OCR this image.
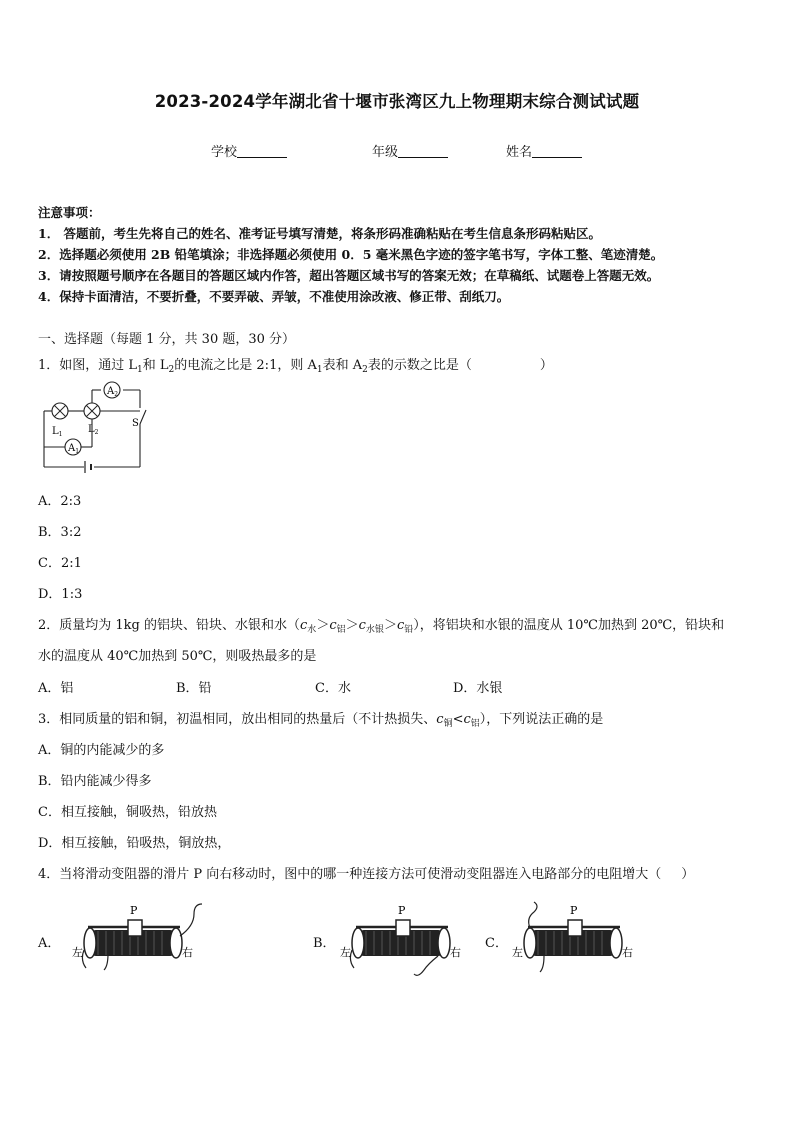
2023-2024学年湖北省十堰市张湾区九上物理期末综合测试试题
学校	年级	姓名
注意事项：
1． 答题前，考生先将自己的姓名、准考证号填写清楚，将条形码准确粘贴在考生信息条形码粘贴区。
2．选择题必须使用 2B 铅笔填涂；非选择题必须使用 0．5 毫米黑色字迹的签字笔书写，字体工整、笔迹清楚。
3．请按照题号顺序在各题目的答题区域内作答，超出答题区域书写的答案无效；在草稿纸、试题卷上答题无效。
4．保持卡面清洁，不要折叠，不要弄破、弄皱，不准使用涂改液、修正带、刮纸刀。
一、选择题（每题 1 分，共 30 题，30 分）
1．如图，通过 $L_1$和 $L_2$的电流之比是 2:1，则 $A_1$表和 $A_2$表的示数之比是（	）
$A_2$
$A_1$
S
$L_1$	$L_2$
A．2:3
B．3:2
C．2:1
D．1:3
2．质量均为 1kg 的铝块、铅块、水银和水$(c_水>c_铝>c_{水银}>c_铅)$，将铝块和水银的温度从 10℃加热到 20℃，铅块和
水的温度从 40℃加热到 50℃，则吸热最多的是
A．铝	B．铅	C．水	D．水银
3．相同质量的铝和铜，初温相同，放出相同的热量后（不计热损失、$c_铜<c_铝$），下列说法正确的是
A．铜的内能减少的多
B．铅内能减少得多
C．相互接触，铜吸热，铅放热
D．相互接触，铅吸热，铜放热，
4．当将滑动变阻器的滑片 P 向右移动时，图中的哪一种连接方法可使滑动变阻器连入电路部分的电阻增大（ ）
A．	B．	C．
P
左	右
P
左	右
P
左	右
